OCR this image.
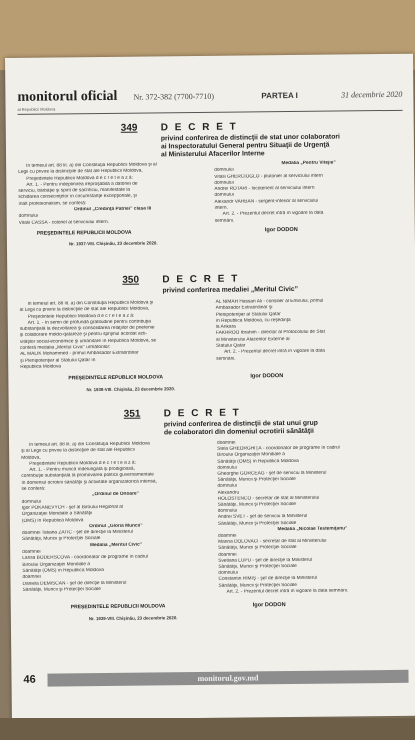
monitorul oficial
al Republicii Moldova
Nr. 372-382 (7700-7710)	PARTEA I	31 decembrie 2020
349 D E C R E T
privind conferirea de distincţii de stat unor colaboratori
ai Inspectoratului General pentru Situaţii de Urgenţă
al Ministerului Afacerilor Interne
În temeiul art. 88 lit. a) din Constituţia Republicii Moldova şi al
Legii cu privire la distincţiile de stat ale Republicii Moldova,
Preşedintele Republicii Moldova d e c r e t e a z ă:
Art. 1. - Pentru îndeplinirea ireproşabilă a datoriei de
serviciu, bărbăţie şi spirit de sacrificiu, manifestate la
lichidarea consecinţelor în circumstanţe excepţionale, şi
înalt profesionalism, se conferă:
Ordinul „Credinţă Patriei” clasa III
domnului
Vitalii CASSA - colonel al serviciului intern.
Medalia „Pentru Vitejie”
domnului
Vitalii GHERCIOGLO - plutonier al serviciului intern
domnului
Andrei ROTARI - locotenent al serviciului intern
domnului
Alexandr VARBAN - sergent-inferior al serviciului
intern.
Art. 2. - Prezentul decret intră în vigoare la data
semnării.
PREŞEDINTELE REPUBLICII MOLDOVA	Igor DODON
Nr. 1937-VIII. Chişinău, 23 decembrie 2020.
350 D E C R E T
privind conferirea medaliei „Meritul Civic”
În temeiul art. 88 lit. a) din Constituţia Republicii Moldova şi
al Legii cu privire la distincţiile de stat ale Republicii Moldova,
Preşedintele Republicii Moldova d e c r e t e a z ă:
Art. 1. - În semn de profundă gratitudine pentru contribuţia
substanţială la dezvoltarea şi consolidarea relaţiilor de prietenie
şi colaborare moldo-qatareze şi pentru sprijinul acordat acti-
vităţilor social-economice şi umanitare în Republica Moldova, se
conferă medalia „Meritul Civic” următorilor:
AL MALIK Mohammed - primul Ambasador Extraordinar
şi Plenipotenţiar al Statului Qatar în
Republica Moldova
AL NIMAH Hassan Ali - consilier al Emirului, primul
Ambasador Extraordinar şi
Plenipotenţiar al Statului Qatar
în Republica Moldova, cu reşedinţa
la Ankara
FAKHROO Ibrahim - director al Protocolului de Stat
al Ministerului Afacerilor Externe al
Statului Qatar
Art. 2. - Prezentul decret intră în vigoare la data
semnării.
PREŞEDINTELE REPUBLICII MOLDOVA	Igor DODON
Nr. 1938-VIII. Chişinău, 23 decembrie 2020.
351 D E C R E T
privind conferirea de distincţii de stat unui grup
de colaboratori din domeniul ocrotirii sănătăţii
În temeiul art. 88 lit. a) din Constituţia Republicii Moldova
şi al Legii cu privire la distincţiile de stat ale Republicii
Moldova,
Preşedintele Republicii Moldova d e c r e t e a z ă:
Art. 1. - Pentru muncă îndelungată şi prodigioasă,
contribuţie substanţială la promovarea politicii guvernamentale
în domeniul ocrotirii sănătăţii şi activitate organizatorică intensă,
se conferă:
„Ordinul de Onoare”
domnului
Igor POKANEVYCH - şef al Biroului Regional al
Organizaţiei Mondiale a Sănătăţii
(OMS) în Republica Moldova
Ordinul „Gloria Muncii”
doamnei Tatiana ZATIC - şef de direcţie la Ministerul
Sănătăţii, Muncii şi Protecţiei Sociale
Medalia „Meritul Civic”
doamnei
Larisa BODERSCOVA - coordonator de programe în cadrul
Biroului Organizaţiei Mondiale a
Sănătăţii (OMS) în Republica Moldova
doamnei
Daniela DEMISCAN - şef de direcţie la Ministerul
Sănătăţii, Muncii şi Protecţiei Sociale
doamnei
Stela GHEORGHIŢĂ - coordonator de programe în cadrul
Biroului Organizaţiei Mondiale a
Sănătăţii (OMS) în Republica Moldova
domnului
Gheorghe GORCEAG - şef de serviciu la Ministerul
Sănătăţii, Muncii şi Protecţiei Sociale
domnului
Alexandru
HOLOSTENCO - secretar de stat al Ministerului
Sănătăţii, Muncii şi Protecţiei Sociale
domnului
Andrei SVET - şef de serviciu la Ministerul
Sănătăţii, Muncii şi Protecţiei Sociale
Medalia „Nicolae Testemiţanu”
doamnei
Marina DOLOVACI - secretar de stat al Ministerului
Sănătăţii, Muncii şi Protecţiei Sociale
doamnei
Svetlana LUPU - şef de direcţie la Ministerul
Sănătăţii, Muncii şi Protecţiei Sociale
domnului
Constantin RIMIŞ - şef de direcţie la Ministerul
Sănătăţii, Muncii şi Protecţiei Sociale
Art. 2. - Prezentul decret intră în vigoare la data semnării.
PREŞEDINTELE REPUBLICII MOLDOVA	Igor DODON
Nr. 1939-VIII. Chişinău, 23 decembrie 2020.
46	monitorul.gov.md
